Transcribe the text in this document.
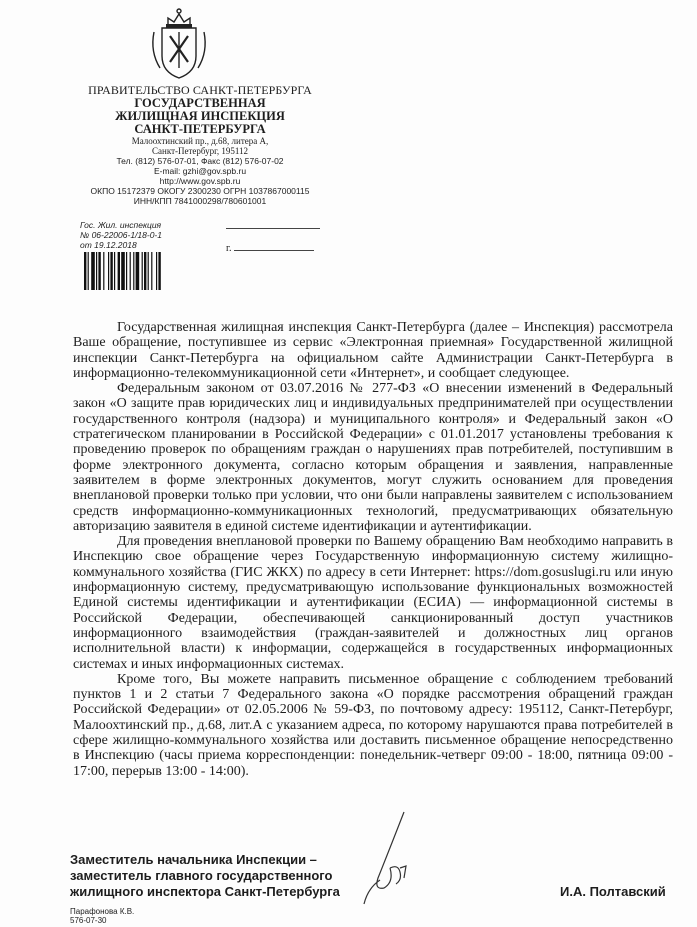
ПРАВИТЕЛЬСТВО САНКТ-ПЕТЕРБУРГА
ГОСУДАРСТВЕННАЯ
ЖИЛИЩНАЯ ИНСПЕКЦИЯ
САНКТ-ПЕТЕРБУРГА
Малоохтинский пр., д.68, литера А,
Санкт-Петербург, 195112
Тел. (812) 576-07-01, Факс (812) 576-07-02
E-mail: gzhi@gov.spb.ru
http://www.gov.spb.ru
ОКПО 15172379 ОКОГУ 2300230 ОГРН 1037867000115
ИНН/КПП 7841000298/780601001
Гос. Жил. инспекция
№ 06-22006-1/18-0-1
от 19.12.2018	г.

Государственная жилищная инспекция Санкт-Петербурга (далее – Инспекция) рассмотрела Ваше обращение, поступившее из сервис «Электронная приемная» Государственной жилищной инспекции Санкт-Петербурга на официальном сайте Администрации Санкт-Петербурга в информационно-телекоммуникационной сети «Интернет», и сообщает следующее.

Федеральным законом от 03.07.2016 № 277-ФЗ «О внесении изменений в Федеральный закон «О защите прав юридических лиц и индивидуальных предпринимателей при осуществлении государственного контроля (надзора) и муниципального контроля» и Федеральный закон «О стратегическом планировании в Российской Федерации» с 01.01.2017 установлены требования к проведению проверок по обращениям граждан о нарушениях прав потребителей, поступившим в форме электронного документа, согласно которым обращения и заявления, направленные заявителем в форме электронных документов, могут служить основанием для проведения внеплановой проверки только при условии, что они были направлены заявителем с использованием средств информационно-коммуникационных технологий, предусматривающих обязательную авторизацию заявителя в единой системе идентификации и аутентификации.

Для проведения внеплановой проверки по Вашему обращению Вам необходимо направить в Инспекцию свое обращение через Государственную информационную систему жилищно-коммунального хозяйства (ГИС ЖКХ) по адресу в сети Интернет: https://dom.gosuslugi.ru или иную информационную систему, предусматривающую использование функциональных возможностей Единой системы идентификации и аутентификации (ЕСИА) — информационной системы в Российской Федерации, обеспечивающей санкционированный доступ участников информационного взаимодействия (граждан-заявителей и должностных лиц органов исполнительной власти) к информации, содержащейся в государственных информационных системах и иных информационных системах.

Кроме того, Вы можете направить письменное обращение с соблюдением требований пунктов 1 и 2 статьи 7 Федерального закона «О порядке рассмотрения обращений граждан Российской Федерации» от 02.05.2006 № 59-ФЗ, по почтовому адресу: 195112, Санкт-Петербург, Малоохтинский пр., д.68, лит.А с указанием адреса, по которому нарушаются права потребителей в сфере жилищно-коммунального хозяйства или доставить письменное обращение непосредственно в Инспекцию (часы приема корреспонденции: понедельник-четверг 09:00 - 18:00, пятница 09:00 - 17:00, перерыв 13:00 - 14:00).

Заместитель начальника Инспекции –
заместитель главного государственного
жилищного инспектора Санкт-Петербурга	И.А. Полтавский
Парафонова К.В.
576-07-30
